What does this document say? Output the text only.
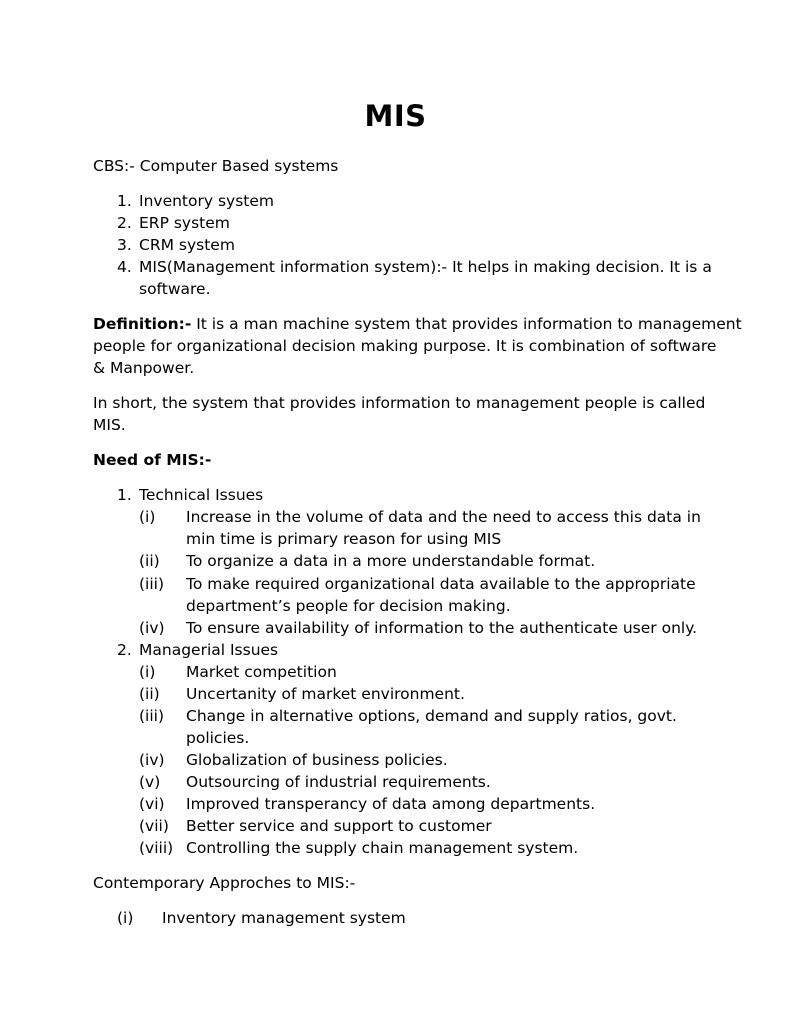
MIS
CBS:- Computer Based systems
1. Inventory system
2. ERP system
3. CRM system
4. MIS(Management information system):- It helps in making decision. It is a
software.
Definition:- It is a man machine system that provides information to management
people for organizational decision making purpose. It is combination of software
& Manpower.
In short, the system that provides information to management people is called
MIS.
Need of MIS:-
1. Technical Issues
(i) Increase in the volume of data and the need to access this data in
min time is primary reason for using MIS
(ii) To organize a data in a more understandable format.
(iii) To make required organizational data available to the appropriate
department’s people for decision making.
(iv) To ensure availability of information to the authenticate user only.
2. Managerial Issues
(i) Market competition
(ii) Uncertanity of market environment.
(iii) Change in alternative options, demand and supply ratios, govt.
policies.
(iv) Globalization of business policies.
(v) Outsourcing of industrial requirements.
(vi) Improved transperancy of data among departments.
(vii) Better service and support to customer
(viii) Controlling the supply chain management system.
Contemporary Approches to MIS:-
(i) Inventory management system
